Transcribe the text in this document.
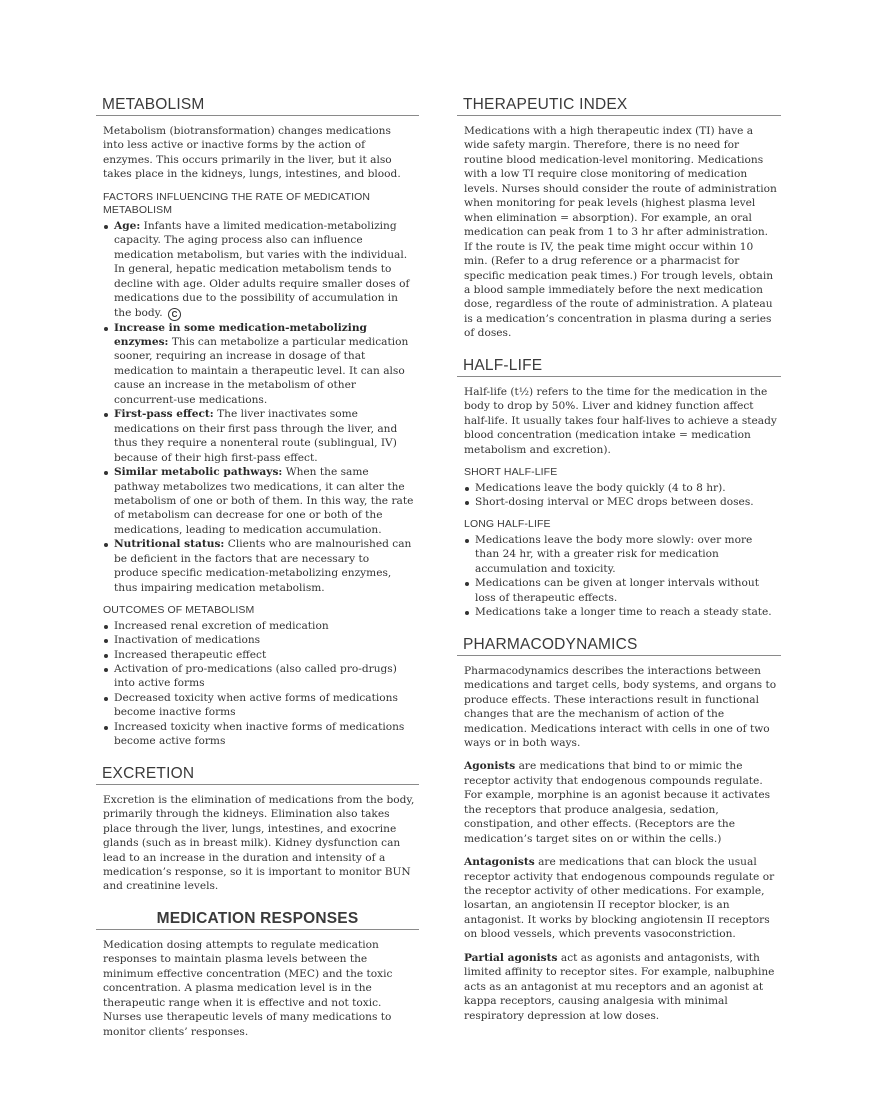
METABOLISM

Metabolism (biotransformation) changes medications into less active or inactive forms by the action of enzymes. This occurs primarily in the liver, but it also takes place in the kidneys, lungs, intestines, and blood.

FACTORS INFLUENCING THE RATE OF MEDICATION METABOLISM
Age: Infants have a limited medication-metabolizing capacity. The aging process also can influence medication metabolism, but varies with the individual. In general, hepatic medication metabolism tends to decline with age. Older adults require smaller doses of medications due to the possibility of accumulation in the body. C
Increase in some medication-metabolizing enzymes: This can metabolize a particular medication sooner, requiring an increase in dosage of that medication to maintain a therapeutic level. It can also cause an increase in the metabolism of other concurrent-use medications.
First-pass effect: The liver inactivates some medications on their first pass through the liver, and thus they require a nonenteral route (sublingual, IV) because of their high first-pass effect.
Similar metabolic pathways: When the same pathway metabolizes two medications, it can alter the metabolism of one or both of them. In this way, the rate of metabolism can decrease for one or both of the medications, leading to medication accumulation.
Nutritional status: Clients who are malnourished can be deficient in the factors that are necessary to produce specific medication-metabolizing enzymes, thus impairing medication metabolism.
OUTCOMES OF METABOLISM
Increased renal excretion of medication
Inactivation of medications
Increased therapeutic effect
Activation of pro-medications (also called pro-drugs) into active forms
Decreased toxicity when active forms of medications become inactive forms
Increased toxicity when inactive forms of medications become active forms
EXCRETION

Excretion is the elimination of medications from the body, primarily through the kidneys. Elimination also takes place through the liver, lungs, intestines, and exocrine glands (such as in breast milk). Kidney dysfunction can lead to an increase in the duration and intensity of a medication’s response, so it is important to monitor BUN and creatinine levels.

MEDICATION RESPONSES

Medication dosing attempts to regulate medication responses to maintain plasma levels between the minimum effective concentration (MEC) and the toxic concentration. A plasma medication level is in the therapeutic range when it is effective and not toxic. Nurses use therapeutic levels of many medications to monitor clients’ responses.

THERAPEUTIC INDEX

Medications with a high therapeutic index (TI) have a wide safety margin. Therefore, there is no need for routine blood medication-level monitoring. Medications with a low TI require close monitoring of medication levels. Nurses should consider the route of administration when monitoring for peak levels (highest plasma level when elimination = absorption). For example, an oral medication can peak from 1 to 3 hr after administration. If the route is IV, the peak time might occur within 10 min. (Refer to a drug reference or a pharmacist for specific medication peak times.) For trough levels, obtain a blood sample immediately before the next medication dose, regardless of the route of administration. A plateau is a medication’s concentration in plasma during a series of doses.

HALF-LIFE

Half-life (t½) refers to the time for the medication in the body to drop by 50%. Liver and kidney function affect half-life. It usually takes four half-lives to achieve a steady blood concentration (medication intake = medication metabolism and excretion).

SHORT HALF-LIFE
Medications leave the body quickly (4 to 8 hr).
Short-dosing interval or MEC drops between doses.
LONG HALF-LIFE
Medications leave the body more slowly: over more than 24 hr, with a greater risk for medication accumulation and toxicity.
Medications can be given at longer intervals without loss of therapeutic effects.
Medications take a longer time to reach a steady state.
PHARMACODYNAMICS

Pharmacodynamics describes the interactions between medications and target cells, body systems, and organs to produce effects. These interactions result in functional changes that are the mechanism of action of the medication. Medications interact with cells in one of two ways or in both ways.

Agonists are medications that bind to or mimic the receptor activity that endogenous compounds regulate. For example, morphine is an agonist because it activates the receptors that produce analgesia, sedation, constipation, and other effects. (Receptors are the medication’s target sites on or within the cells.)

Antagonists are medications that can block the usual receptor activity that endogenous compounds regulate or the receptor activity of other medications. For example, losartan, an angiotensin II receptor blocker, is an antagonist. It works by blocking angiotensin II receptors on blood vessels, which prevents vasoconstriction.

Partial agonists act as agonists and antagonists, with limited affinity to receptor sites. For example, nalbuphine acts as an antagonist at mu receptors and an agonist at kappa receptors, causing analgesia with minimal respiratory depression at low doses.
